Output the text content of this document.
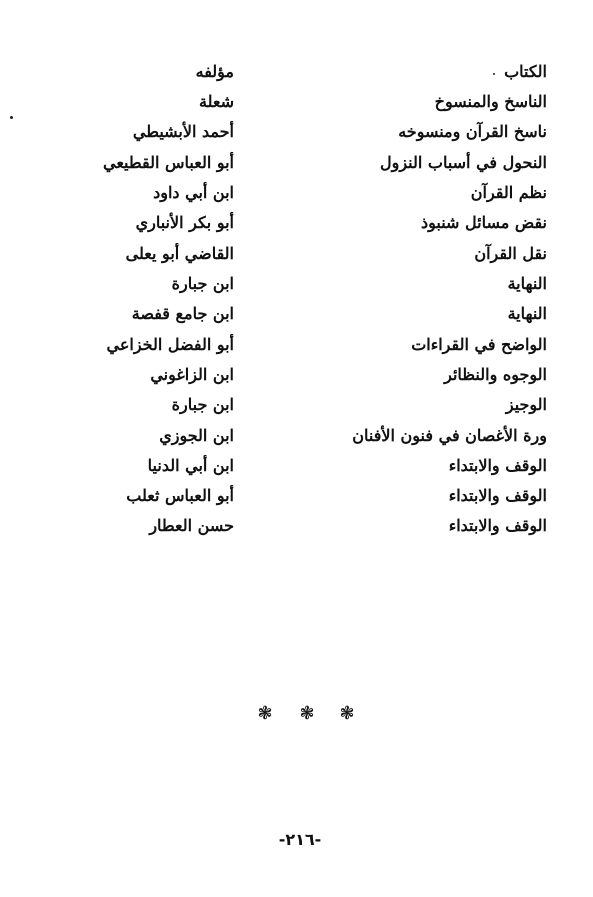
الكتاب
مؤلفه
الناسخ والمنسوخ
شعلة
ناسخ القرآن ومنسوخه
أحمد الأبشيطي
النحول في أسباب النزول
أبو العباس القطيعي
نظم القرآن
ابن أبي داود
نقض مسائل شنبوذ
أبو بكر الأنباري
نقل القرآن
القاضي أبو يعلى
النهاية
ابن جبارة
النهاية
ابن جامع قفصة
الواضح في القراءات
أبو الفضل الخزاعي
الوجوه والنظائر
ابن الزاغوني
الوجيز
ابن جبارة
ورة الأغصان في فنون الأفنان
ابن الجوزي
الوقف والابتداء
ابن أبي الدنيا
الوقف والابتداء
أبو العباس ثعلب
الوقف والابتداء
حسن العطار
❃ ❃ ❃
-٢١٦-
